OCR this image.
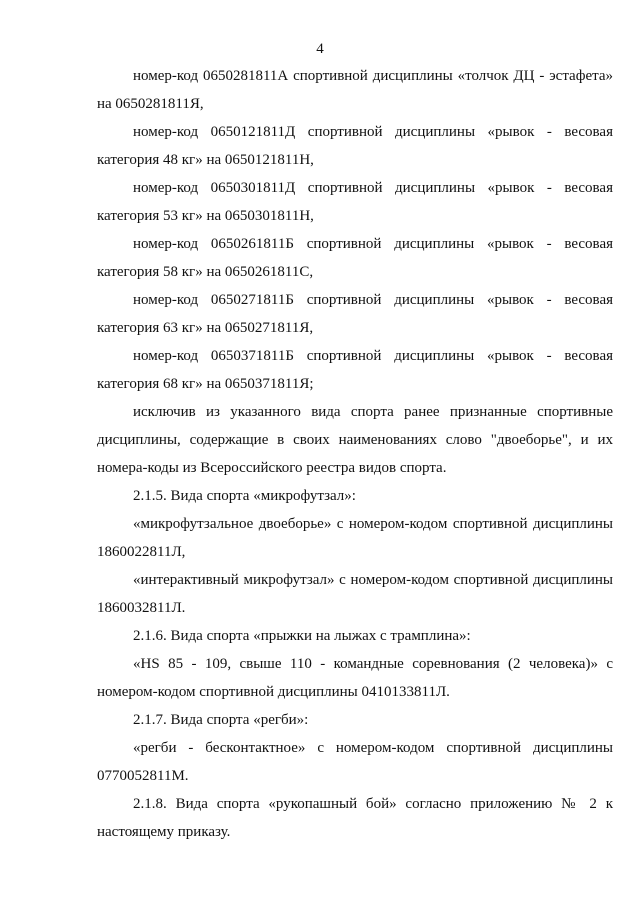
4

номер-код 0650281811А спортивной дисциплины «толчок ДЦ - эстафета» на 0650281811Я,

номер-код 0650121811Д спортивной дисциплины «рывок - весовая категория 48 кг» на 0650121811Н,

номер-код 0650301811Д спортивной дисциплины «рывок - весовая категория 53 кг» на 0650301811Н,

номер-код 0650261811Б спортивной дисциплины «рывок - весовая категория 58 кг» на 0650261811С,

номер-код 0650271811Б спортивной дисциплины «рывок - весовая категория 63 кг» на 0650271811Я,

номер-код 0650371811Б спортивной дисциплины «рывок - весовая категория 68 кг» на 0650371811Я;

исключив из указанного вида спорта ранее признанные спортивные дисциплины, содержащие в своих наименованиях слово "двоеборье", и их номера-коды из Всероссийского реестра видов спорта.

2.1.5. Вида спорта «микрофутзал»:

«микрофутзальное двоеборье» с номером-кодом спортивной дисциплины 1860022811Л,

«интерактивный микрофутзал» с номером-кодом спортивной дисциплины 1860032811Л.

2.1.6. Вида спорта «прыжки на лыжах с трамплина»:

«HS 85 - 109, свыше 110 - командные соревнования (2 человека)» с номером-кодом спортивной дисциплины 0410133811Л.

2.1.7. Вида спорта «регби»:

«регби - бесконтактное» с номером-кодом спортивной дисциплины 0770052811М.

2.1.8. Вида спорта «рукопашный бой» согласно приложению № 2 к настоящему приказу.
